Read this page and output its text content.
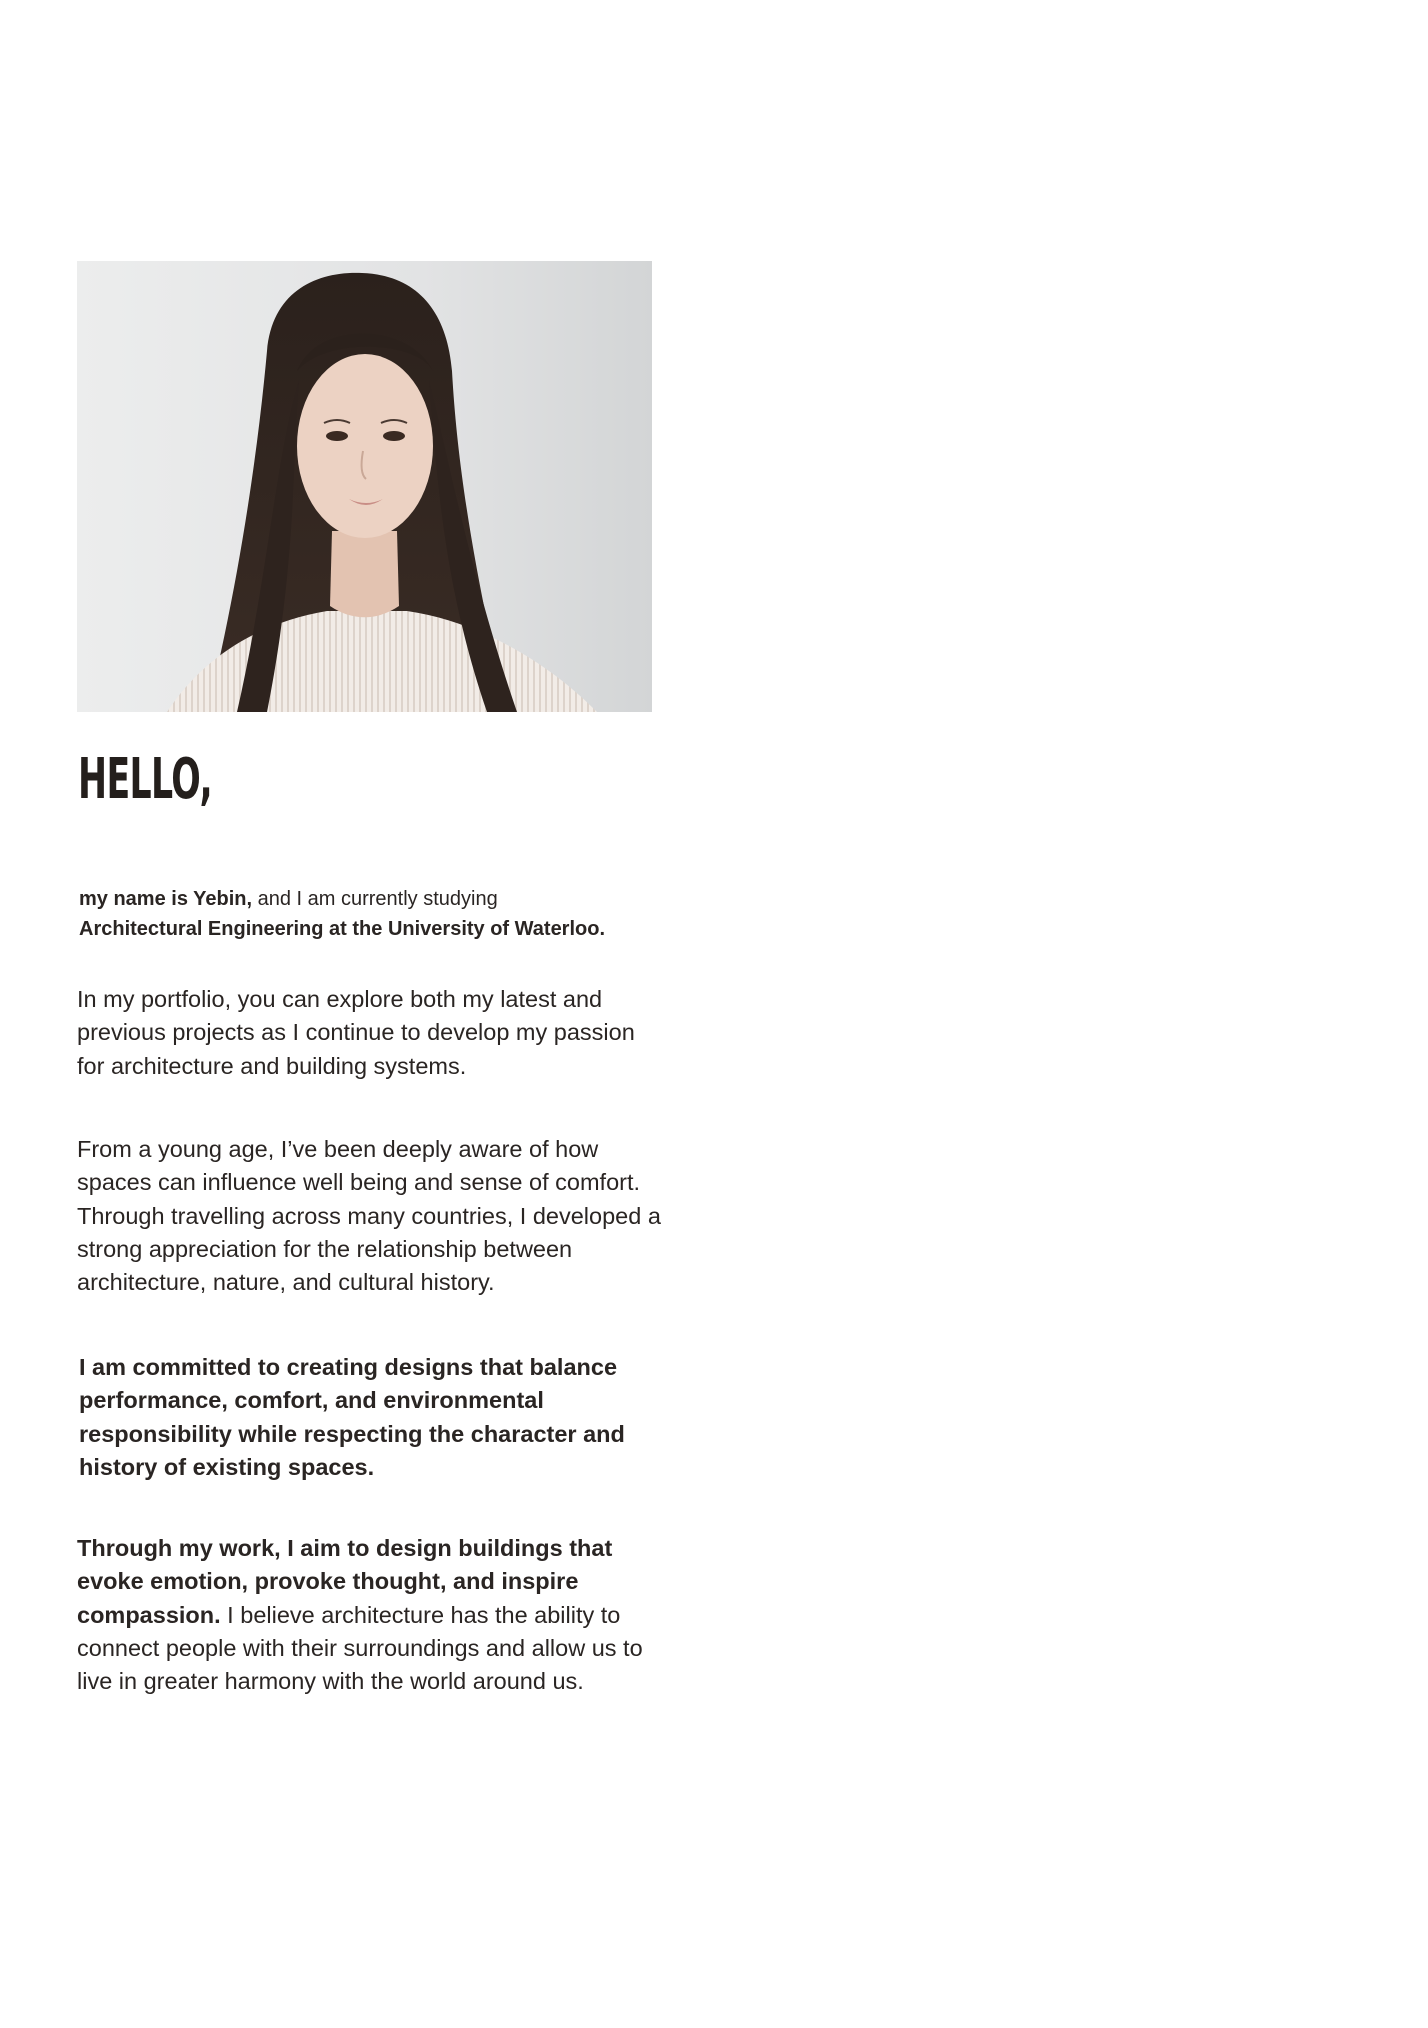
HELLO,

my name is Yebin, and I am currently studying
Architectural Engineering at the University of Waterloo.

In my portfolio, you can explore both my latest and previous projects as I continue to develop my passion for architecture and building systems.

From a young age, I’ve been deeply aware of how spaces can influence well being and sense of comfort. Through travelling across many countries, I developed a strong appreciation for the relationship between architecture, nature, and cultural history.

I am committed to creating designs that balance performance, comfort, and environmental responsibility while respecting the character and history of existing spaces.

Through my work, I aim to design buildings that evoke emotion, provoke thought, and inspire compassion. I believe architecture has the ability to connect people with their surroundings and allow us to live in greater harmony with the world around us.
